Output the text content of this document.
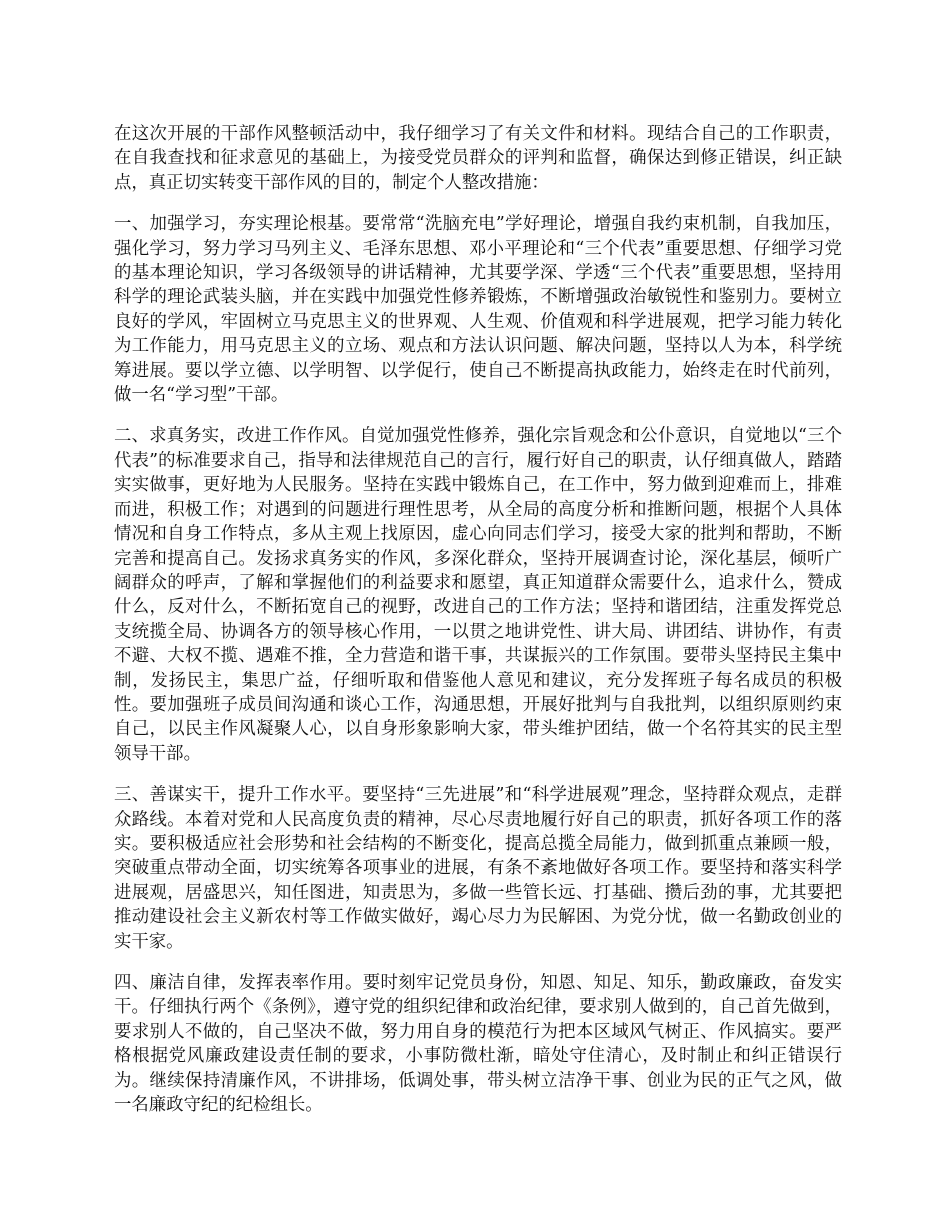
在这次开展的干部作风整顿活动中，我仔细学习了有关文件和材料。现结合自己的工作职责，在自我查找和征求意见的基础上，为接受党员群众的评判和监督，确保达到修正错误，纠正缺点，真正切实转变干部作风的目的，制定个人整改措施：

一、加强学习，夯实理论根基。要常常“洗脑充电”学好理论，增强自我约束机制，自我加压，强化学习，努力学习马列主义、毛泽东思想、邓小平理论和“三个代表”重要思想、仔细学习党的基本理论知识，学习各级领导的讲话精神，尤其要学深、学透“三个代表”重要思想，坚持用科学的理论武装头脑，并在实践中加强党性修养锻炼，不断增强政治敏锐性和鉴别力。要树立良好的学风，牢固树立马克思主义的世界观、人生观、价值观和科学进展观，把学习能力转化为工作能力，用马克思主义的立场、观点和方法认识问题、解决问题，坚持以人为本，科学统筹进展。要以学立德、以学明智、以学促行，使自己不断提高执政能力，始终走在时代前列，做一名“学习型”干部。

二、求真务实，改进工作作风。自觉加强党性修养，强化宗旨观念和公仆意识，自觉地以“三个代表”的标准要求自己，指导和法律规范自己的言行，履行好自己的职责，认仔细真做人，踏踏实实做事，更好地为人民服务。坚持在实践中锻炼自己，在工作中，努力做到迎难而上，排难而进，积极工作；对遇到的问题进行理性思考，从全局的高度分析和推断问题，根据个人具体情况和自身工作特点，多从主观上找原因，虚心向同志们学习，接受大家的批判和帮助，不断完善和提高自己。发扬求真务实的作风，多深化群众，坚持开展调查讨论，深化基层，倾听广阔群众的呼声，了解和掌握他们的利益要求和愿望，真正知道群众需要什么，追求什么，赞成什么，反对什么，不断拓宽自己的视野，改进自己的工作方法；坚持和谐团结，注重发挥党总支统揽全局、协调各方的领导核心作用，一以贯之地讲党性、讲大局、讲团结、讲协作，有责不避、大权不揽、遇难不推，全力营造和谐干事，共谋振兴的工作氛围。要带头坚持民主集中制，发扬民主，集思广益，仔细听取和借鉴他人意见和建议，充分发挥班子每名成员的积极性。要加强班子成员间沟通和谈心工作，沟通思想，开展好批判与自我批判，以组织原则约束自己，以民主作风凝聚人心，以自身形象影响大家，带头维护团结，做一个名符其实的民主型领导干部。

三、善谋实干，提升工作水平。要坚持“三先进展”和“科学进展观”理念，坚持群众观点，走群众路线。本着对党和人民高度负责的精神，尽心尽责地履行好自己的职责，抓好各项工作的落实。要积极适应社会形势和社会结构的不断变化，提高总揽全局能力，做到抓重点兼顾一般，突破重点带动全面，切实统筹各项事业的进展，有条不紊地做好各项工作。要坚持和落实科学进展观，居盛思兴，知任图进，知责思为，多做一些管长远、打基础、攒后劲的事，尤其要把推动建设社会主义新农村等工作做实做好，竭心尽力为民解困、为党分忧，做一名勤政创业的实干家。

四、廉洁自律，发挥表率作用。要时刻牢记党员身份，知恩、知足、知乐，勤政廉政，奋发实干。仔细执行两个《条例》，遵守党的组织纪律和政治纪律，要求别人做到的，自己首先做到，要求别人不做的，自己坚决不做，努力用自身的模范行为把本区域风气树正、作风搞实。要严格根据党风廉政建设责任制的要求，小事防微杜渐，暗处守住清心，及时制止和纠正错误行为。继续保持清廉作风，不讲排场，低调处事，带头树立洁净干事、创业为民的正气之风，做一名廉政守纪的纪检组长。
